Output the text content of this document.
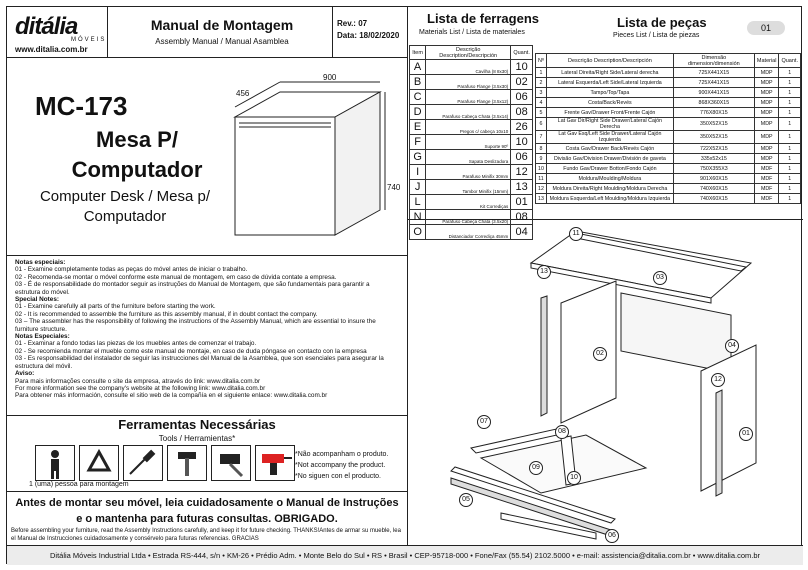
ditália
MÓVEIS
www.ditalia.com.br
Manual de Montagem
Assembly Manual / Manual Asamblea
Rev.: 07
Data: 18/02/2020
MC-173
Mesa P/ Computador
Computer Desk / Mesa p/ Computador
456
900
740
Notas especiais:
01 - Examine completamente todas as peças do móvel antes de iniciar o trabalho.
02 - Recomenda-se montar o móvel conforme este manual de montagem, em caso de dúvida contate a empresa.
03 - É de responsabilidade do montador seguir as instruções do Manual de Montagem, que são fundamentais para garantir a estrutura do móvel.
Special Notes:
01 - Examine carefully all parts of the furniture before starting the work.
02 - It is recommended to assemble the furniture as this assembly manual, if in doubt contact the company.
03 – The assembler has the responsibility of following the instructions of the Assembly Manual, which are essential to insure the furniture structure.
Notas Especiales:
01 - Examinar a fondo todas las piezas de los muebles antes de comenzar el trabajo.
02 - Se recomienda montar el mueble como este manual de montaje, en caso de duda póngase en contacto con la empresa
03 - Es responsabilidad del instalador de seguir las instrucciones del Manual de la Asamblea, que son esenciales para asegurar la estructura del móvil.
Aviso:
Para mais informações consulte o site da empresa, através do link: www.ditalia.com.br
For more information see the company's website at the following link: www.ditalia.com.br
Para obtener más información, consulte el sitio web de la compañía en el siguiente enlace: www.ditalia.com.br
Ferramentas Necessárias
Tools / Herramientas*
*Não acompanham o produto.
*Not accompany the product.
*No siguen con el producto.
1 (uma) pessoa para montagem
Antes de montar seu móvel, leia cuidadosamente o Manual de Instruções e o mantenha para futuras consultas. OBRIGADO.
Before assembling your furniture, read the Assembly Instructions carefully, and keep it for future checking. THANKS!Antes de armar su mueble, lea el Manual de Instrucciones cuidadosamente y consérvelo para futuras referencias. GRACIAS
Lista de ferragens
Materials List / Lista de materiales
Item	Descrição Description/Descripción	Quant.
A	Cavilha (8 8x30)	10
B	Parafuso Flange (3.5x30)	02
C	Parafuso Flange (3.5x12)	06
D	Parafuso Cabeça Chata (3.5x14)	08
E	Pregos c/ cabeça 10x10	26
F	Suporte 90º	10
G	Sapata Deslizadora	06
I	Parafuso Minifix 30mm	12
J	Tambor Minifix (15mm)	13
L	Kit Corrediças	01
N	Parafuso Cabeça Chata (3.5x20)	08
O	Distanciador Corrediça 45mm	04
Lista de peças
Pieces List / Lista de piezas
01
Nº	Descrição Description/Descripción	Dimensão dimension/dimensión	Material	Quant.
1	Lateral Direita/Right Side/Lateral derecha	725X441X15	MDP	1
2	Lateral Esquerda/Left Side/Lateral Izquierda	725X441X15	MDP	1
3	Tampo/Top/Tapa	900X441X15	MDP	1
4	Costa/Back/Revés	868X360X15	MDP	1
5	Frente Gav/Drawer Front/Frente Cajón	776X80X15	MDP	1
6	Lat Gav Dir/Right Side Drawer/Lateral Cajón Derecha	350X52X15	MDP	1
7	Lat Gav Esq/Left Side Drawer/Lateral Cajón Izquierda	350X52X15	MDP	1
8	Costa Gav/Drawer Back/Revés Cajón	722X52X15	MDP	1
9	Divisão Gav/Division Drawer/División de gaveta	335x52x15	MDP	1
10	Fundo Gav/Drawer Botton/Fondo Cajón	750X355X3	MDF	1
11	Moldura/Moulding/Moldura	901X60X15	MDF	1
12	Moldura Direita/Right Moulding/Moldura Derecha	740X60X15	MDF	1
13	Moldura Esquerda/Left Moulding/Moldura Izquierda	740X60X15	MDF	1
11
03
13
02
04
12
01
07
08
09
10
05
06
Ditália Móveis Industrial Ltda • Estrada RS-444, s/n • KM-26 • Prédio Adm. • Monte Belo do Sul • RS • Brasil • CEP-95718-000 • Fone/Fax (55.54) 2102.5000 • e-mail: assistencia@ditalia.com.br • www.ditalia.com.br
